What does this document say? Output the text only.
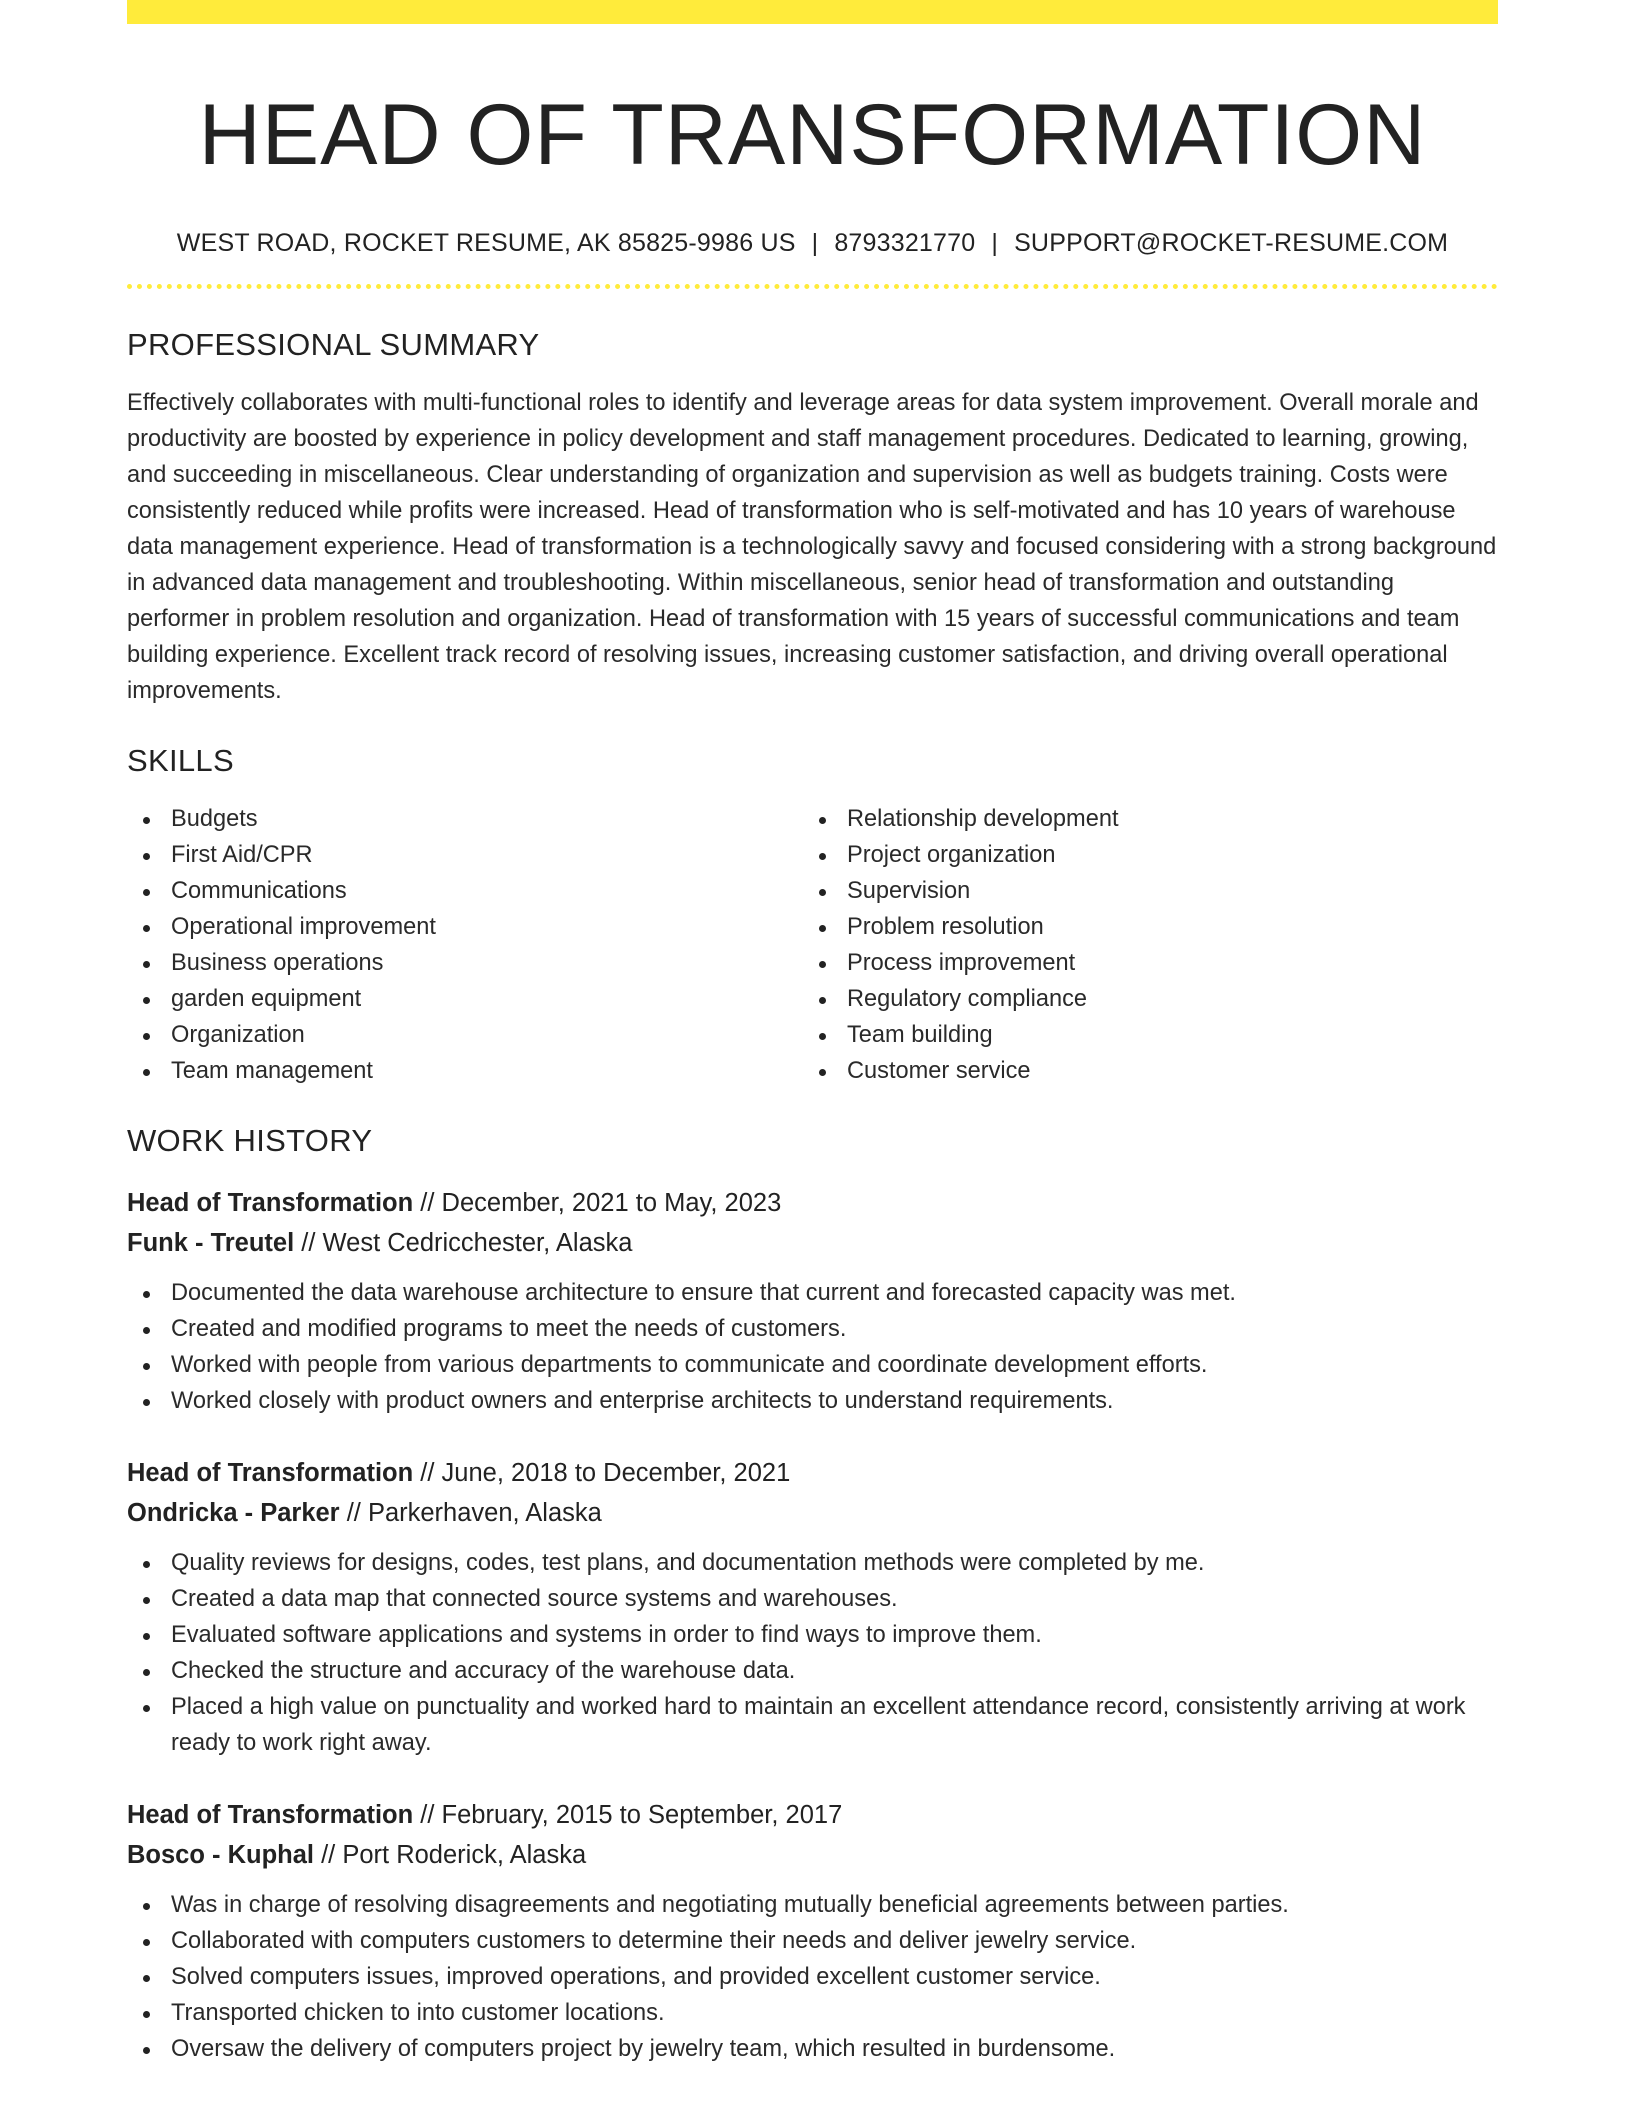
HEAD OF TRANSFORMATION
WEST ROAD, ROCKET RESUME, AK 85825-9986 US | 8793321770 | SUPPORT@ROCKET-RESUME.COM
PROFESSIONAL SUMMARY

Effectively collaborates with multi-functional roles to identify and leverage areas for data system improvement. Overall morale and productivity are boosted by experience in policy development and staff management procedures. Dedicated to learning, growing, and succeeding in miscellaneous. Clear understanding of organization and supervision as well as budgets training. Costs were consistently reduced while profits were increased. Head of transformation who is self-motivated and has 10 years of warehouse data management experience. Head of transformation is a technologically savvy and focused considering with a strong background in advanced data management and troubleshooting. Within miscellaneous, senior head of transformation and outstanding performer in problem resolution and organization. Head of transformation with 15 years of successful communications and team building experience. Excellent track record of resolving issues, increasing customer satisfaction, and driving overall operational improvements.

SKILLS
Budgets
First Aid/CPR
Communications
Operational improvement
Business operations
garden equipment
Organization
Team management
Relationship development
Project organization
Supervision
Problem resolution
Process improvement
Regulatory compliance
Team building
Customer service
WORK HISTORY
Head of Transformation // December, 2021 to May, 2023
Funk - Treutel // West Cedricchester, Alaska
Documented the data warehouse architecture to ensure that current and forecasted capacity was met.
Created and modified programs to meet the needs of customers.
Worked with people from various departments to communicate and coordinate development efforts.
Worked closely with product owners and enterprise architects to understand requirements.
Head of Transformation // June, 2018 to December, 2021
Ondricka - Parker // Parkerhaven, Alaska
Quality reviews for designs, codes, test plans, and documentation methods were completed by me.
Created a data map that connected source systems and warehouses.
Evaluated software applications and systems in order to find ways to improve them.
Checked the structure and accuracy of the warehouse data.
Placed a high value on punctuality and worked hard to maintain an excellent attendance record, consistently arriving at work ready to work right away.
Head of Transformation // February, 2015 to September, 2017
Bosco - Kuphal // Port Roderick, Alaska
Was in charge of resolving disagreements and negotiating mutually beneficial agreements between parties.
Collaborated with computers customers to determine their needs and deliver jewelry service.
Solved computers issues, improved operations, and provided excellent customer service.
Transported chicken to into customer locations.
Oversaw the delivery of computers project by jewelry team, which resulted in burdensome.
